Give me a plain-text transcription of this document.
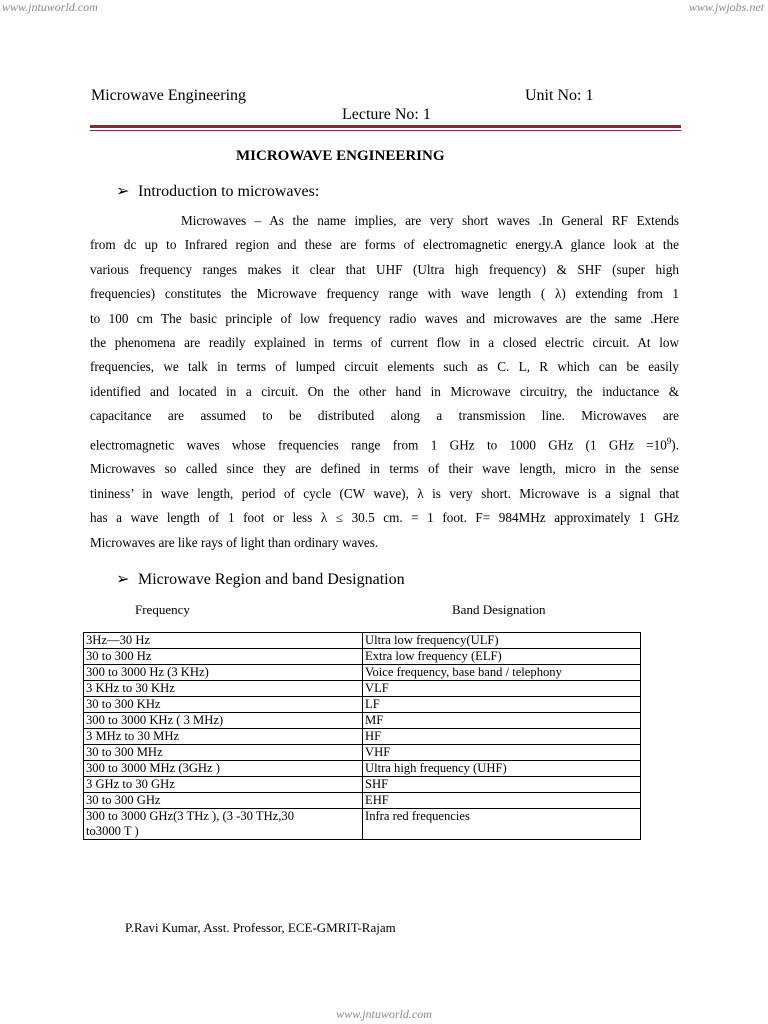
www.jntuworld.com	www.jwjobs.net
Microwave Engineering	Unit No: 1
Lecture No: 1
MICROWAVE ENGINEERING
➢ Introduction to microwaves:
Microwaves – As the name implies, are very short waves .In General RF Extends
from dc up to Infrared region and these are forms of electromagnetic energy.A glance look at the
various frequency ranges makes it clear that UHF (Ultra high frequency) & SHF (super high
frequencies) constitutes the Microwave frequency range with wave length ( λ) extending from 1
to 100 cm The basic principle of low frequency radio waves and microwaves are the same .Here
the phenomena are readily explained in terms of current flow in a closed electric circuit. At low
frequencies, we talk in terms of lumped circuit elements such as C. L, R which can be easily
identified and located in a circuit. On the other hand in Microwave circuitry, the inductance &
capacitance are assumed to be distributed along a transmission line. Microwaves are
electromagnetic waves whose frequencies range from 1 GHz to 1000 GHz (1 GHz $=10^9$).
Microwaves so called since they are defined in terms of their wave length, micro in the sense
tininess’ in wave length, period of cycle (CW wave), λ is very short. Microwave is a signal that
has a wave length of 1 foot or less λ ≤ 30.5 cm. = 1 foot. F= 984MHz approximately 1 GHz
Microwaves are like rays of light than ordinary waves.
➢ Microwave Region and band Designation
Frequency	Band Designation
3Hz—30 Hz	Ultra low frequency(ULF)
30 to 300 Hz	Extra low frequency (ELF)
300 to 3000 Hz (3 KHz)	Voice frequency, base band / telephony
3 KHz to 30 KHz	VLF
30 to 300 KHz	LF
300 to 3000 KHz ( 3 MHz)	MF
3 MHz to 30 MHz	HF
30 to 300 MHz	VHF
300 to 3000 MHz (3GHz )	Ultra high frequency (UHF)
3 GHz to 30 GHz	SHF
30 to 300 GHz	EHF
300 to 3000 GHz(3 THz ), (3 -30 THz,30
to3000 T )	Infra red frequencies
P.Ravi Kumar, Asst. Professor, ECE-GMRIT-Rajam
www.jntuworld.com
